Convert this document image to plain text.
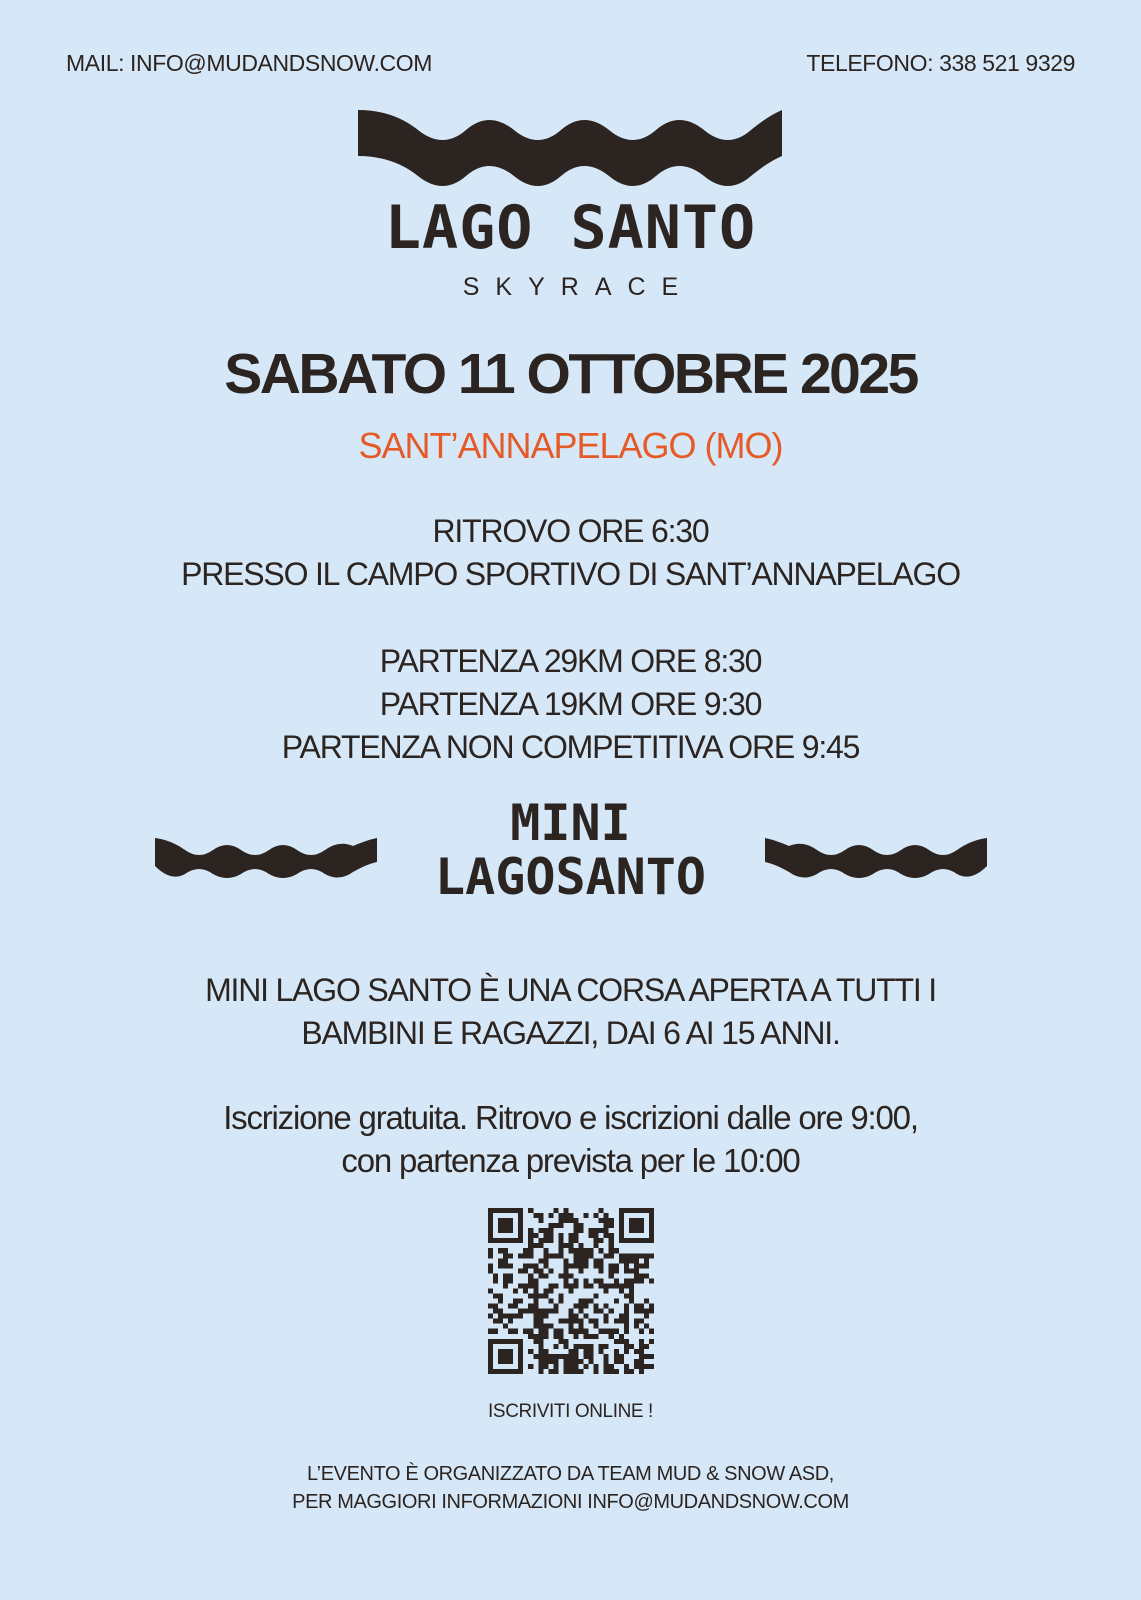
MAIL: INFO@MUDANDSNOW.COM	TELEFONO: 338 521 9329
LAGO SANTO
SKYRACE
SABATO 11 OTTOBRE 2025
SANT’ANNAPELAGO (MO)
RITROVO ORE 6:30
PRESSO IL CAMPO SPORTIVO DI SANT’ANNAPELAGO
PARTENZA 29KM ORE 8:30
PARTENZA 19KM ORE 9:30
PARTENZA NON COMPETITIVA ORE 9:45
MINI
LAGOSANTO
MINI LAGO SANTO È UNA CORSA APERTA A TUTTI I
BAMBINI E RAGAZZI, DAI 6 AI 15 ANNI.
Iscrizione gratuita. Ritrovo e iscrizioni dalle ore 9:00,
con partenza prevista per le 10:00
ISCRIVITI ONLINE !
L’EVENTO È ORGANIZZATO DA TEAM MUD & SNOW ASD,
PER MAGGIORI INFORMAZIONI INFO@MUDANDSNOW.COM
